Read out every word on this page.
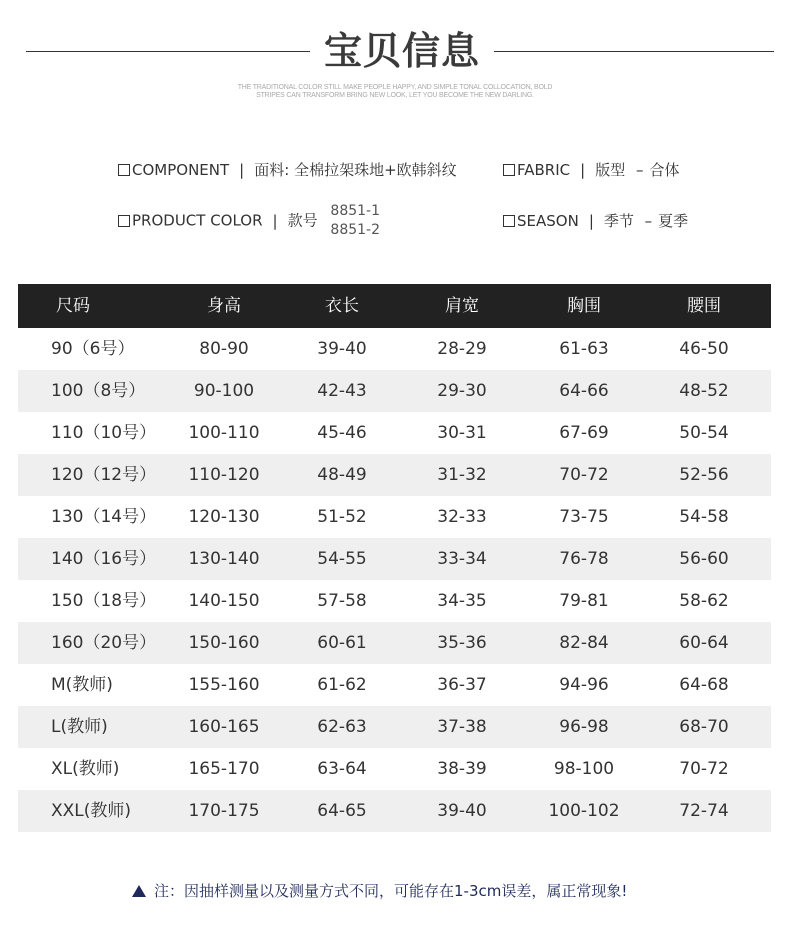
宝贝信息
THE TRADITIONAL COLOR STILL MAKE PEOPLE HAPPY, AND SIMPLE TONAL COLLOCATION, BOLD
STRIPES CAN TRANSFORM BRING NEW LOOK, LET YOU BECOME THE NEW DARLING.
COMPONENT | 面料: 全棉拉架珠地+欧韩斜纹	FABRIC | 版型 – 合体
PRODUCT COLOR | 款号
8851-1
8851-2	SEASON | 季节 – 夏季
尺码	身高	衣长	肩宽	胸围	腰围
90（6号）	80-90	39-40	28-29	61-63	46-50
100（8号）	90-100	42-43	29-30	64-66	48-52
110（10号）	100-110	45-46	30-31	67-69	50-54
120（12号）	110-120	48-49	31-32	70-72	52-56
130（14号）	120-130	51-52	32-33	73-75	54-58
140（16号）	130-140	54-55	33-34	76-78	56-60
150（18号）	140-150	57-58	34-35	79-81	58-62
160（20号）	150-160	60-61	35-36	82-84	60-64
M(教师)	155-160	61-62	36-37	94-96	64-68
L(教师)	160-165	62-63	37-38	96-98	68-70
XL(教师)	165-170	63-64	38-39	98-100	70-72
XXL(教师)	170-175	64-65	39-40	100-102	72-74
注：因抽样测量以及测量方式不同，可能存在1-3cm误差，属正常现象!
